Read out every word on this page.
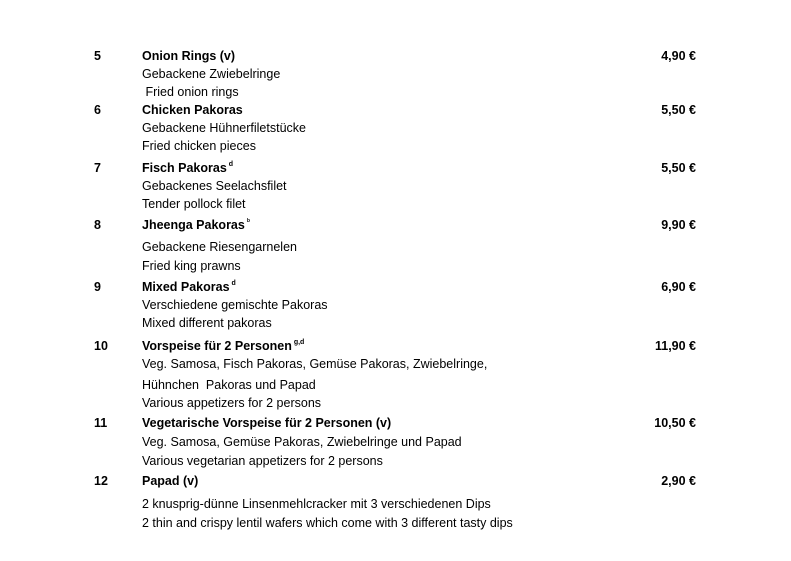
5	Onion Rings (v)	4,90 €
Gebackene Zwiebelringe
Fried onion rings
6	Chicken Pakoras	5,50 €
Gebackene Hühnerfiletstücke
Fried chicken pieces
7	Fisch Pakoras $^d$	5,50 €
Gebackenes Seelachsfilet
Tender pollock filet
8	Jheenga Pakoras $^b$	9,90 €
Gebackene Riesengarnelen
Fried king prawns
9	Mixed Pakoras $^d$	6,90 €
Verschiedene gemischte Pakoras
Mixed different pakoras
10	Vorspeise für 2 Personen $^{g,d}$	11,90 €
Veg. Samosa, Fisch Pakoras, Gemüse Pakoras, Zwiebelringe,
Hühnchen  Pakoras und Papad
Various appetizers for 2 persons
11	Vegetarische Vorspeise für 2 Personen (v)	10,50 €
Veg. Samosa, Gemüse Pakoras, Zwiebelringe und Papad
Various vegetarian appetizers for 2 persons
12	Papad (v)	2,90 €
2 knusprig-dünne Linsenmehlcracker mit 3 verschiedenen Dips
2 thin and crispy lentil wafers which come with 3 different tasty dips
